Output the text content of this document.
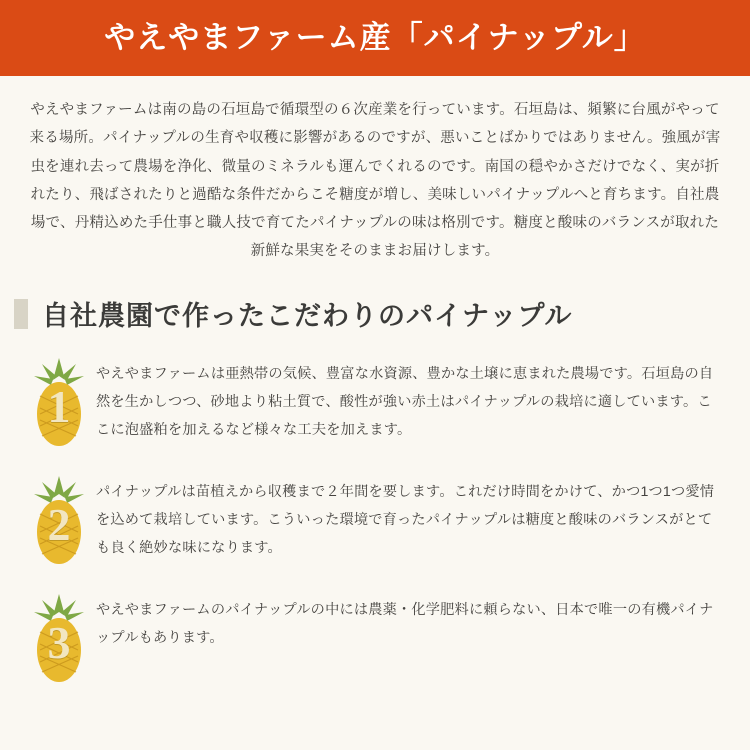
やえやまファーム産「パイナップル」

やえやまファームは南の島の石垣島で循環型の６次産業を行っています。石垣島は、頻繁に台風がやって来る場所。パイナップルの生育や収穫に影響があるのですが、悪いことばかりではありません。強風が害虫を連れ去って農場を浄化、微量のミネラルも運んでくれるのです。南国の穏やかさだけでなく、実が折れたり、飛ばされたりと過酷な条件だからこそ糖度が増し、美味しいパイナップルへと育ちます。自社農場で、丹精込めた手仕事と職人技で育てたパイナップルの味は格別です。糖度と酸味のバランスが取れた新鮮な果実をそのままお届けします。

自社農園で作ったこだわりのパイナップル
1

やえやまファームは亜熱帯の気候、豊富な水資源、豊かな土壌に恵まれた農場です。石垣島の自然を生かしつつ、砂地より粘土質で、酸性が強い赤土はパイナップルの栽培に適しています。ここに泡盛粕を加えるなど様々な工夫を加えます。

2

パイナップルは苗植えから収穫まで２年間を要します。これだけ時間をかけて、かつ1つ1つ愛情を込めて栽培しています。こういった環境で育ったパイナップルは糖度と酸味のバランスがとても良く絶妙な味になります。

3

やえやまファームのパイナップルの中には農薬・化学肥料に頼らない、日本で唯一の有機パイナップルもあります。
